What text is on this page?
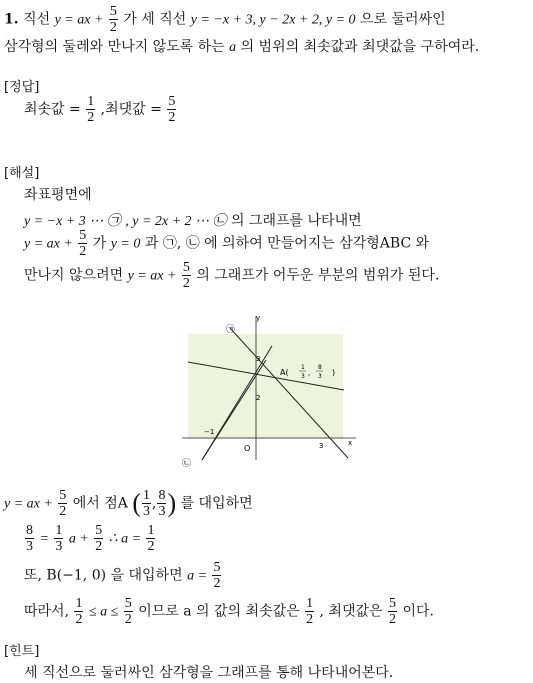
1. 직선 y = ax + $\frac{5}{2}$ 가 세 직선 y = −x + 3, y − 2x + 2, y = 0 으로 둘러싸인
삼각형의 둘레와 만나지 않도록 하는 a 의 범위의 최솟값과 최댓값을 구하여라.
[정답]
최솟값 = $\frac{1}{2}$ ,최댓값 = $\frac{5}{2}$
[해설]
좌표평면에
y = −x + 3 ⋯ ㉠ , y = 2x + 2 ⋯ ㉡ 의 그래프를 나타내면
y = ax + $\frac{5}{2}$ 가 y = 0 과 ㉠, ㉡ 에 의하여 만들어지는 삼각형ABC 와
만나지 않으려면 y = ax + $\frac{5}{2}$ 의 그래프가 어두운 부분의 범위가 된다.
㉠
㉡
y
x
O
3
2
3
−1
A(
1
3 ,
8
3 )
y = ax + $\frac{5}{2}$ 에서 점A ( $\frac{1}{3}$ , $\frac{8}{3}$ ) 를 대입하면
$\frac{8}{3} = \frac{1}{3}$ $a + \frac{5}{2}$ ∴ $a = \frac{1}{2}$
또, B(−1, 0) 을 대입하면 $a = \frac{5}{2}$
따라서, $\frac{1}{2} \le a \le \frac{5}{2}$ 이므로 a 의 값의 최솟값은 $\frac{1}{2}$ , 최댓값은 $\frac{5}{2}$ 이다.
[힌트]
세 직선으로 둘러싸인 삼각형을 그래프를 통해 나타내어본다.
